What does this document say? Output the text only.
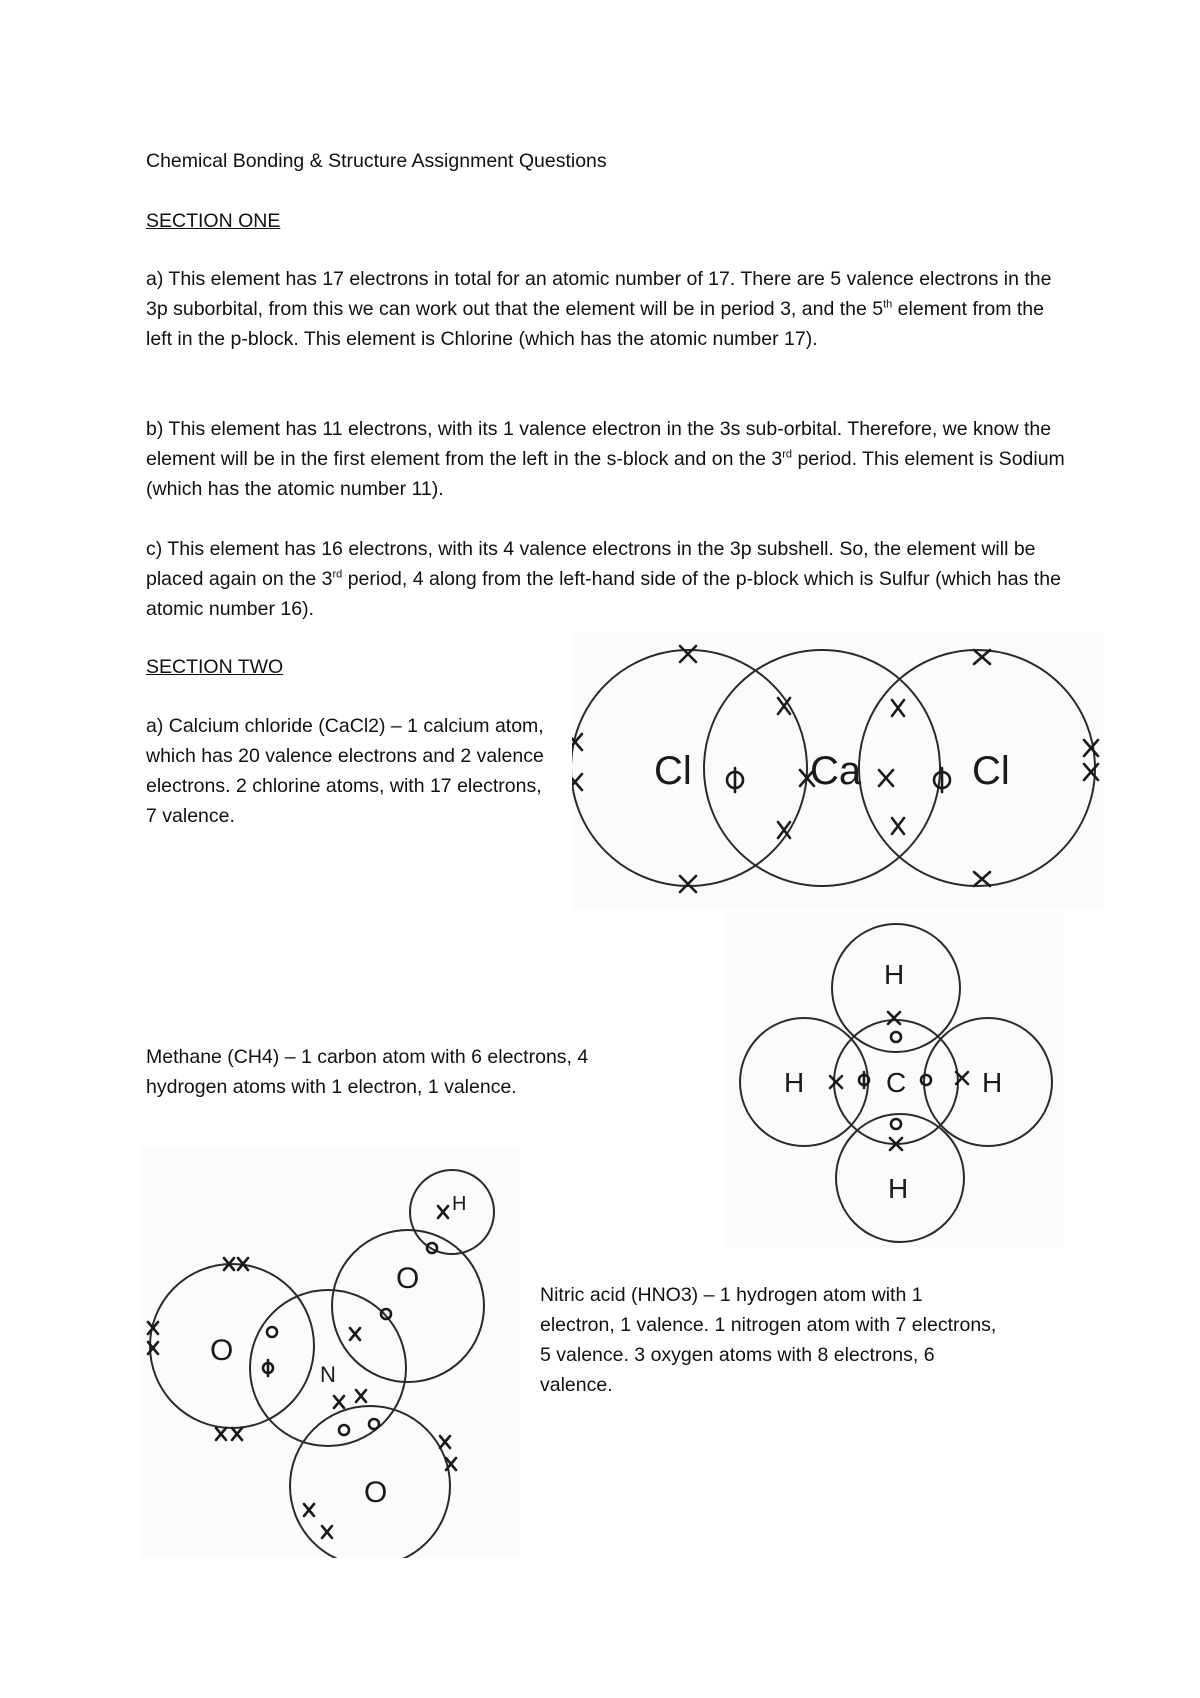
Chemical Bonding & Structure Assignment Questions

SECTION ONE

a) This element has 17 electrons in total for an atomic number of 17. There are 5 valence electrons in the 3p suborbital, from this we can work out that the element will be in period 3, and the 5th element from the left in the p-block. This element is Chlorine (which has the atomic number 17).

b) This element has 11 electrons, with its 1 valence electron in the 3s sub-orbital. Therefore, we know the element will be in the first element from the left in the s-block and on the 3rd period. This element is Sodium (which has the atomic number 11).

c) This element has 16 electrons, with its 4 valence electrons in the 3p subshell. So, the element will be placed again on the 3rd period, 4 along from the left-hand side of the p-block which is Sulfur (which has the atomic number 16).

SECTION TWO

a) Calcium chloride (CaCl2) – 1 calcium atom, which has 20 valence electrons and 2 valence electrons. 2 chlorine atoms, with 17 electrons, 7 valence.

Methane (CH4) – 1 carbon atom with 6 electrons, 4 hydrogen atoms with 1 electron, 1 valence.

Nitric acid (HNO3) – 1 hydrogen atom with 1 electron, 1 valence. 1 nitrogen atom with 7 electrons, 5 valence. 3 oxygen atoms with 8 electrons, 6 valence.

Cl	Ca	Cl
H
H	C	H
H
H
O
O
N
O
